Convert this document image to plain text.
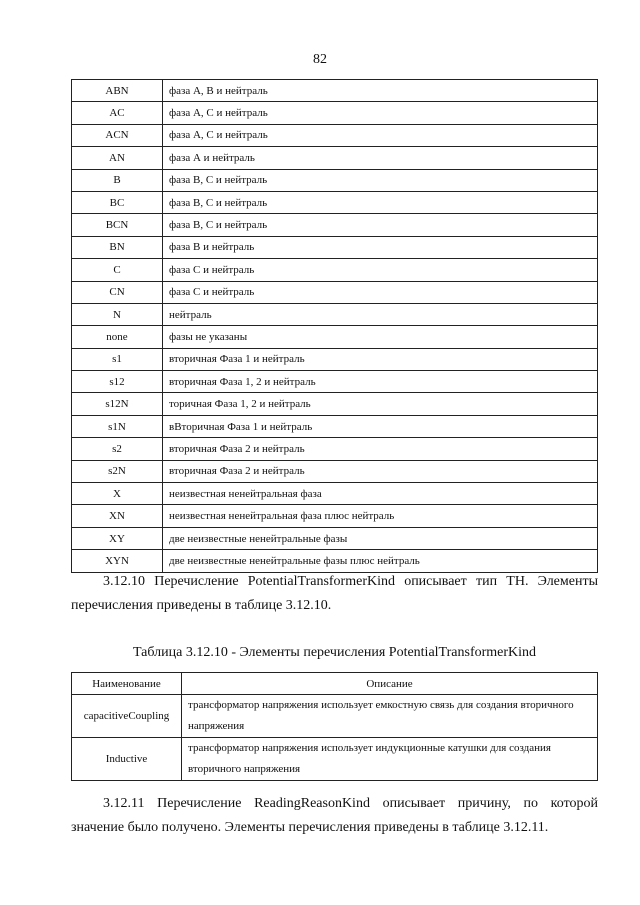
82
ABN	фаза А, В и нейтраль
AC	фаза А, С и нейтраль
ACN	фаза А, С и нейтраль
AN	фаза А и нейтраль
B	фаза В, С и нейтраль
BC	фаза В, С и нейтраль
BCN	фаза В, С и нейтраль
BN	фаза В и нейтраль
C	фаза С и нейтраль
CN	фаза С и нейтраль
N	нейтраль
none	фазы не указаны
s1	вторичная Фаза 1 и нейтраль
s12	вторичная Фаза 1, 2 и нейтраль
s12N	торичная Фаза 1, 2 и нейтраль
s1N	вВторичная Фаза 1 и нейтраль
s2	вторичная Фаза 2 и нейтраль
s2N	вторичная Фаза 2 и нейтраль
X	неизвестная ненейтральная фаза
XN	неизвестная ненейтральная фаза плюс нейтраль
XY	две неизвестные ненейтральные фазы
XYN	две неизвестные ненейтральные фазы плюс нейтраль
3.12.10 Перечисление PotentialTransformerKind описывает тип ТН. Элементы перечисления приведены в таблице 3.12.10.
Таблица 3.12.10 - Элементы перечисления PotentialTransformerKind
Наименование	Описание
capacitiveCoupling	трансформатор напряжения использует емкостную связь для создания вторичного напряжения
Inductive	трансформатор напряжения использует индукционные катушки для создания вторичного напряжения
3.12.11 Перечисление ReadingReasonKind описывает причину, по которой значение было получено. Элементы перечисления приведены в таблице 3.12.11.
